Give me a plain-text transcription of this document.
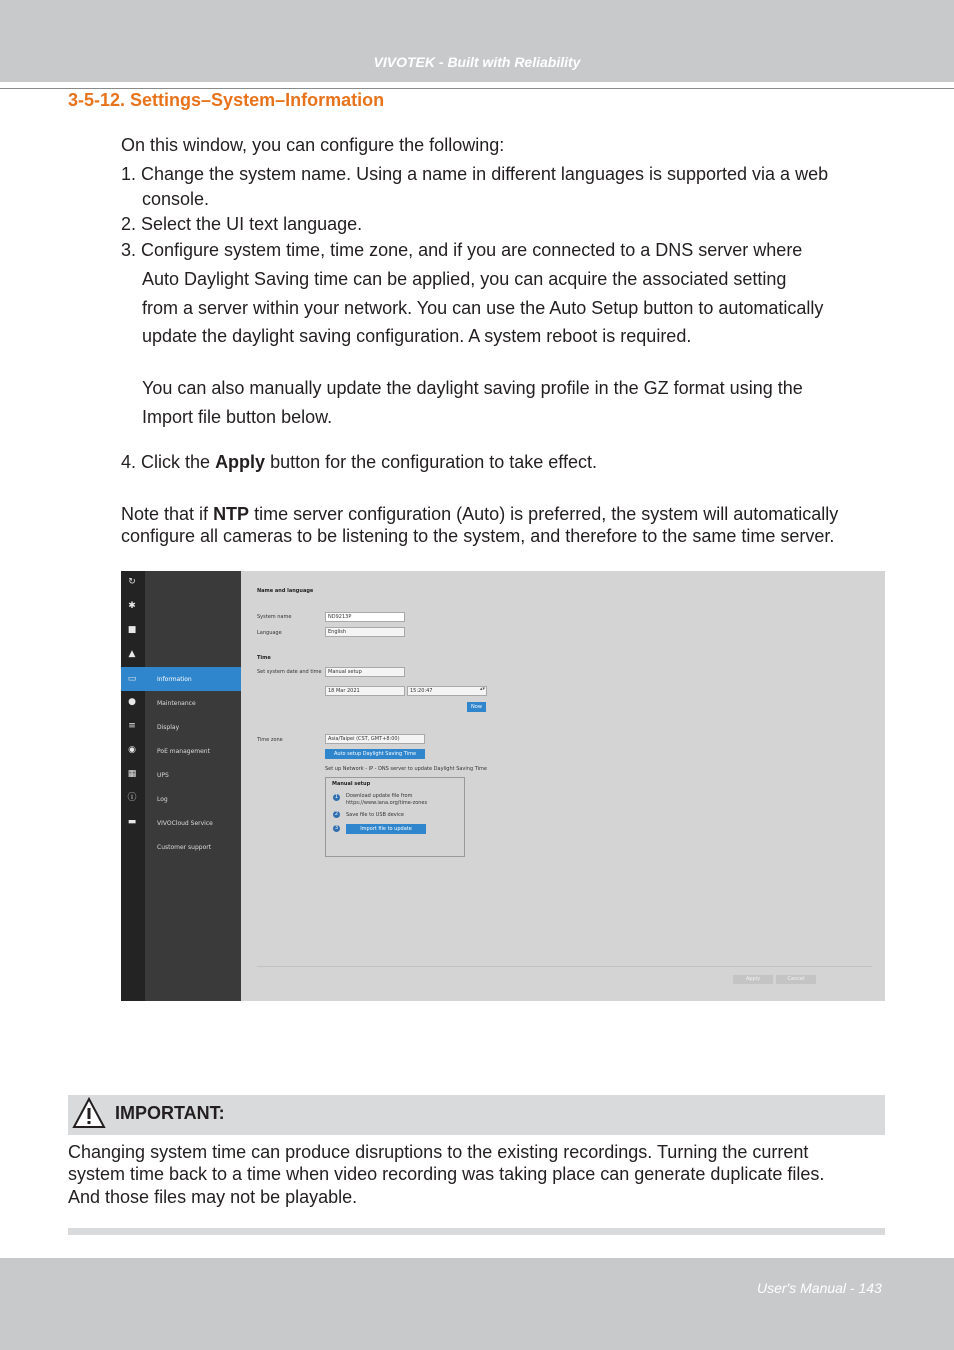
VIVOTEK - Built with Reliability
3-5-12. Settings–System–Information
On this window, you can configure the following:
1. Change the system name. Using a name in different languages is supported via a web
console.
2. Select the UI text language.
3. Configure system time, time zone, and if you are connected to a DNS server where
Auto Daylight Saving time can be applied, you can acquire the associated setting
from a server within your network. You can use the Auto Setup button to automatically
update the daylight saving configuration. A system reboot is required.
You can also manually update the daylight saving profile in the GZ format using the
Import file button below.
4. Click the Apply button for the configuration to take effect.
Note that if NTP time server configuration (Auto) is preferred, the system will automatically
configure all cameras to be listening to the system, and therefore to the same time server.
↻
✱
■
▲
▭
●
≡
◉
▦
ⓘ
▬
Information
Maintenance
Display
PoE management
UPS
Log
VIVOCloud Service
Customer support
Name and language
System name	ND9213P
Language	English
Time
Set system date and time	Manual setup
18 Mar 2021	15:20:47	▴▾
Now
Time zone	Asia/Taipei (CST, GMT+8:00)
Auto setup Daylight Saving Time
Set up Network - IP - DNS server to update Daylight Saving Time
Manual setup
1	Download update file from
https://www.iana.org/time-zones
2	Save file to USB device
3	Import file to update
Apply	Cancel
IMPORTANT:
Changing system time can produce disruptions to the existing recordings. Turning the current
system time back to a time when video recording was taking place can generate duplicate files.
And those files may not be playable.
User's Manual - 143
